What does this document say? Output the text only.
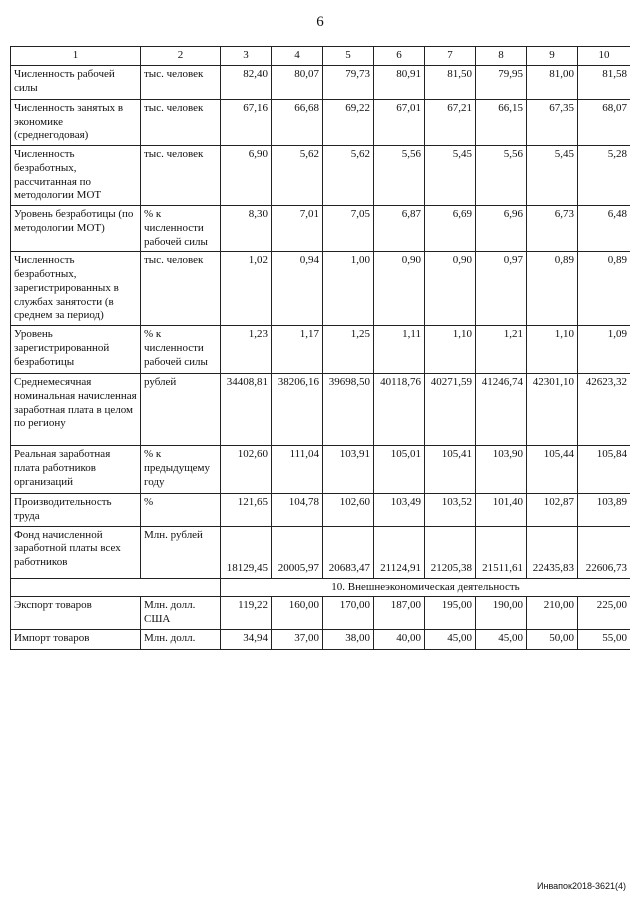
6
1	2	3	4	5	6	7	8	9	10
Численность рабочей силы	тыс. человек	82,40	80,07	79,73	80,91	81,50	79,95	81,00	81,58
Численность занятых в экономике (среднегодовая)	тыс. человек	67,16	66,68	69,22	67,01	67,21	66,15	67,35	68,07
Численность безработных, рассчитанная по методологии МОТ	тыс. человек	6,90	5,62	5,62	5,56	5,45	5,56	5,45	5,28
Уровень безработицы (по методологии МОТ)	% к численности рабочей силы	8,30	7,01	7,05	6,87	6,69	6,96	6,73	6,48
Численность безработных, зарегистрированных в службах занятости (в среднем за период)	тыс. человек	1,02	0,94	1,00	0,90	0,90	0,97	0,89	0,89
Уровень зарегистрированной безработицы	% к численности рабочей силы	1,23	1,17	1,25	1,11	1,10	1,21	1,10	1,09
Среднемесячная номинальная начисленная заработная плата в целом по региону	рублей	34408,81	38206,16	39698,50	40118,76	40271,59	41246,74	42301,10	42623,32
Реальная заработная плата работников организаций	% к предыдущему году	102,60	111,04	103,91	105,01	105,41	103,90	105,44	105,84
Производительность труда	%	121,65	104,78	102,60	103,49	103,52	101,40	102,87	103,89
Фонд начисленной заработной платы всех работников	Млн. рублей	18129,45	20005,97	20683,47	21124,91	21205,38	21511,61	22435,83	22606,73
		10. Внешнеэкономическая деятельность							
Экспорт товаров	Млн. долл. США	119,22	160,00	170,00	187,00	195,00	190,00	210,00	225,00
Импорт товаров	Млн. долл.	34,94	37,00	38,00	40,00	45,00	45,00	50,00	55,00
Инвапок2018-3621(4)
